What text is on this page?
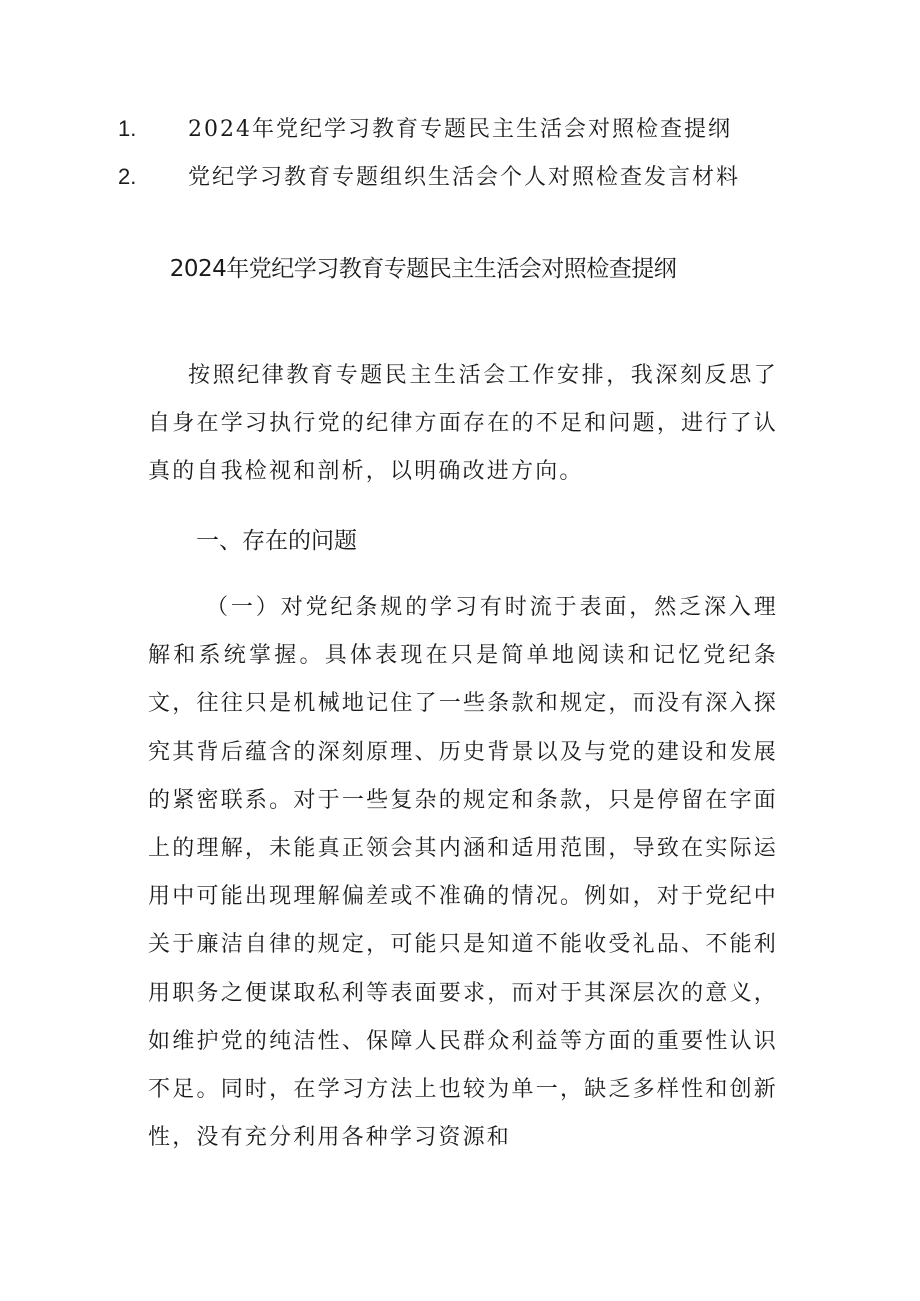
1.	2024年党纪学习教育专题民主生活会对照检查提纲
2.	党纪学习教育专题组织生活会个人对照检查发言材料
2024年党纪学习教育专题民主生活会对照检查提纲

按照纪律教育专题民主生活会工作安排，我深刻反思了自身在学习执行党的纪律方面存在的不足和问题，进行了认真的自我检视和剖析，以明确改进方向。

一、存在的问题

（一）对党纪条规的学习有时流于表面，然乏深入理解和系统掌握。具体表现在只是简单地阅读和记忆党纪条文，往往只是机械地记住了一些条款和规定，而没有深入探究其背后蕴含的深刻原理、历史背景以及与党的建设和发展的紧密联系。对于一些复杂的规定和条款，只是停留在字面上的理解，未能真正领会其内涵和适用范围，导致在实际运用中可能出现理解偏差或不准确的情况。例如，对于党纪中关于廉洁自律的规定，可能只是知道不能收受礼品、不能利用职务之便谋取私利等表面要求，而对于其深层次的意义，如维护党的纯洁性、保障人民群众利益等方面的重要性认识不足。同时，在学习方法上也较为单一，缺乏多样性和创新性，没有充分利用各种学习资源和
